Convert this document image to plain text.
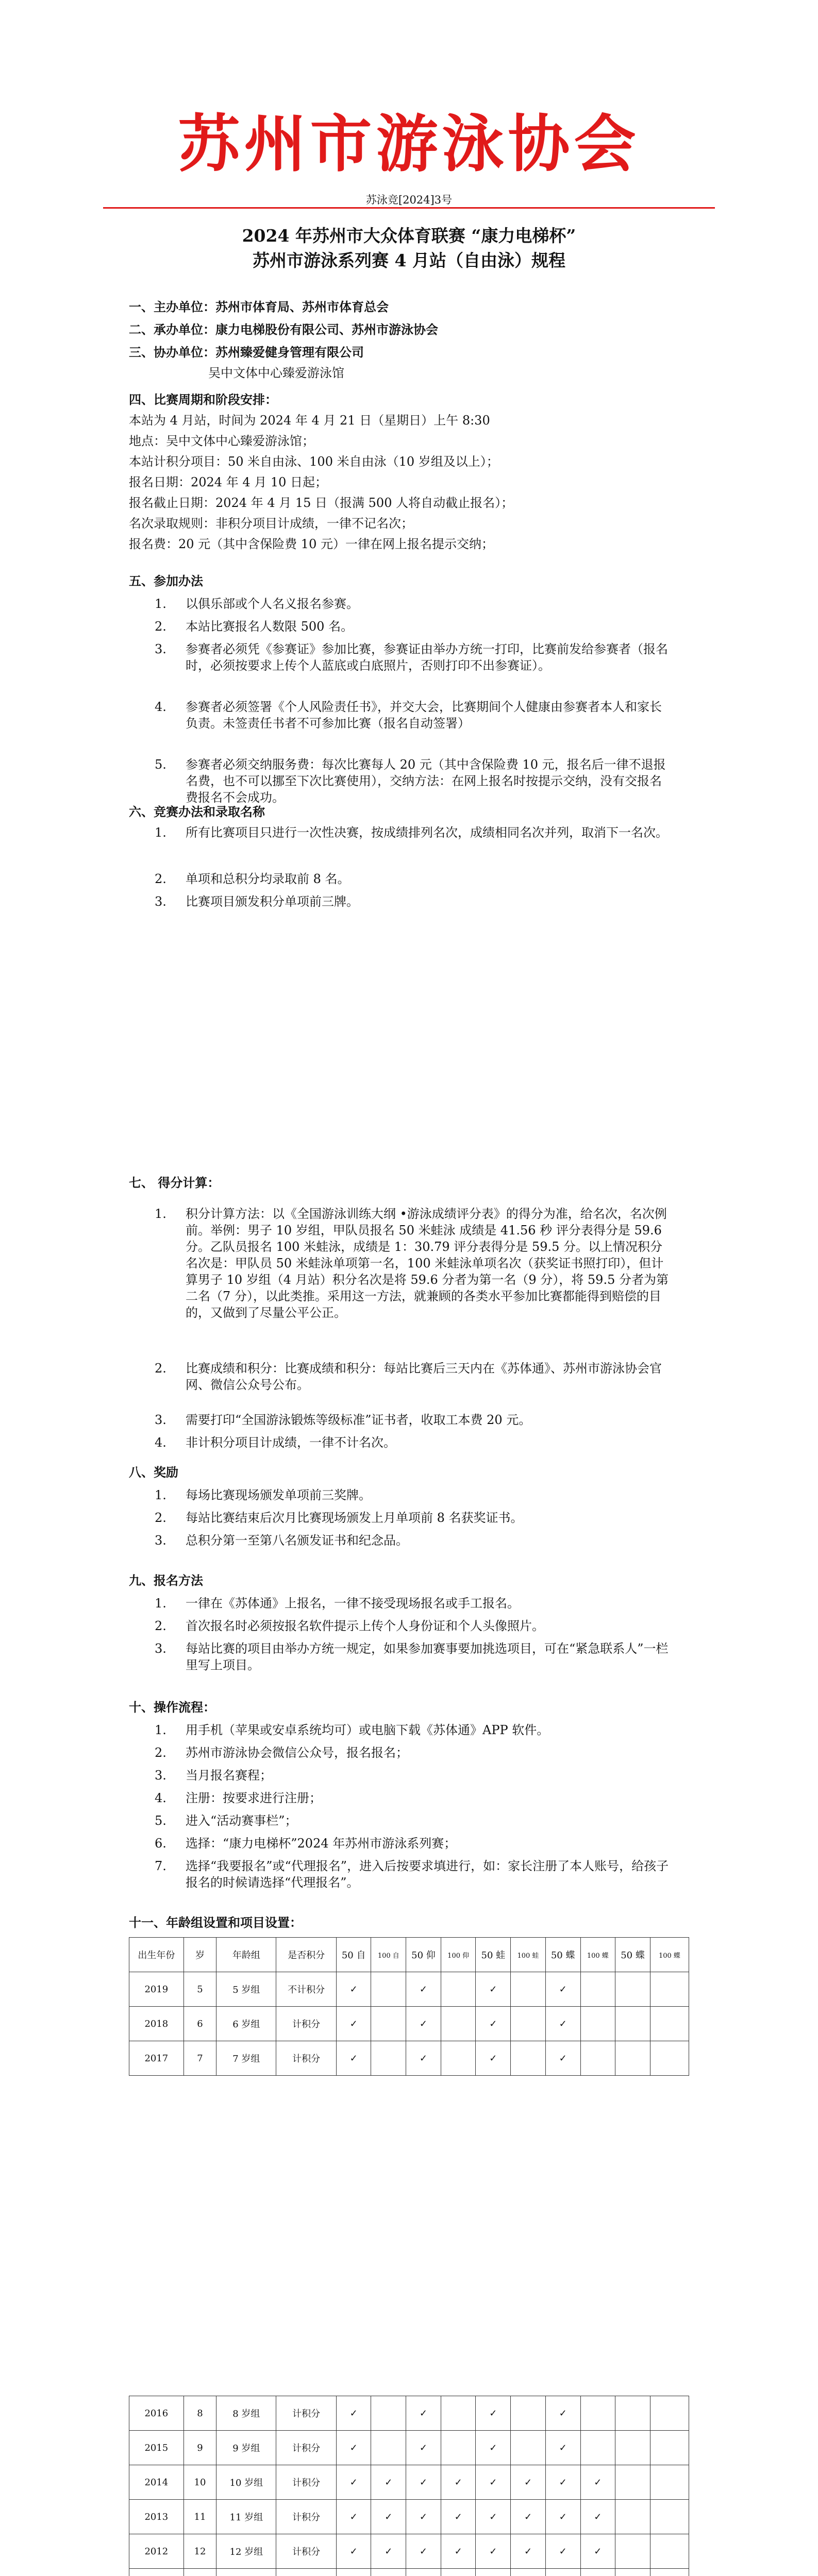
苏州市游泳协会
苏泳竞[2024]3号
2024 年苏州市大众体育联赛 “康力电梯杯”
苏州市游泳系列赛 4 月站（自由泳）规程
一、主办单位：苏州市体育局、苏州市体育总会
二、承办单位：康力电梯股份有限公司、苏州市游泳协会
三、协办单位：苏州臻爱健身管理有限公司
吴中文体中心臻爱游泳馆
四、比赛周期和阶段安排：
本站为 4 月站，时间为 2024 年 4 月 21 日（星期日）上午 8:30
地点：吴中文体中心臻爱游泳馆；
本站计积分项目：50 米自由泳、100 米自由泳（10 岁组及以上）；
报名日期：2024 年 4 月 10 日起；
报名截止日期：2024 年 4 月 15 日（报满 500 人将自动截止报名）；
名次录取规则：非积分项目计成绩，一律不记名次；
报名费：20 元（其中含保险费 10 元）一律在网上报名提示交纳；
五、参加办法
1. 以俱乐部或个人名义报名参赛。
2. 本站比赛报名人数限 500 名。
3. 参赛者必须凭《参赛证》参加比赛，参赛证由举办方统一打印，比赛前发给参赛者（报名时，必须按要求上传个人蓝底或白底照片，否则打印不出参赛证）。
4. 参赛者必须签署《个人风险责任书》，并交大会，比赛期间个人健康由参赛者本人和家长负责。未签责任书者不可参加比赛（报名自动签署）
5. 参赛者必须交纳服务费：每次比赛每人 20 元（其中含保险费 10 元，报名后一律不退报名费，也不可以挪至下次比赛使用），交纳方法：在网上报名时按提示交纳，没有交报名费报名不会成功。
六、竞赛办法和录取名称
1. 所有比赛项目只进行一次性决赛，按成绩排列名次，成绩相同名次并列，取消下一名次。
2. 单项和总积分均录取前 8 名。
3. 比赛项目颁发积分单项前三牌。
七、 得分计算：
1. 积分计算方法：以《全国游泳训练大纲 •游泳成绩评分表》的得分为准，给名次，名次例前。举例：男子 10 岁组，甲队员报名 50 米蛙泳 成绩是 41.56 秒 评分表得分是 59.6 分。乙队员报名 100 米蛙泳，成绩是 1：30.79 评分表得分是 59.5 分。以上情况积分名次是：甲队员 50 米蛙泳单项第一名，100 米蛙泳单项名次（获奖证书照打印），但计算男子 10 岁组（4 月站）积分名次是将 59.6 分者为第一名（9 分），将 59.5 分者为第二名（7 分），以此类推。采用这一方法，就兼顾的各类水平参加比赛都能得到赔偿的目的，又做到了尽量公平公正。
2. 比赛成绩和积分：比赛成绩和积分：每站比赛后三天内在《苏体通》、苏州市游泳协会官网、微信公众号公布。
3. 需要打印“全国游泳锻炼等级标准”证书者，收取工本费 20 元。
4. 非计积分项目计成绩，一律不计名次。
八、奖励
1. 每场比赛现场颁发单项前三奖牌。
2. 每站比赛结束后次月比赛现场颁发上月单项前 8 名获奖证书。
3. 总积分第一至第八名颁发证书和纪念品。
九、报名方法
1. 一律在《苏体通》上报名，一律不接受现场报名或手工报名。
2. 首次报名时必须按报名软件提示上传个人身份证和个人头像照片。
3. 每站比赛的项目由举办方统一规定，如果参加赛事要加挑选项目，可在“紧急联系人”一栏里写上项目。
十、操作流程：
1. 用手机（苹果或安卓系统均可）或电脑下载《苏体通》APP 软件。
2. 苏州市游泳协会微信公众号，报名报名；
3. 当月报名赛程；
4. 注册：按要求进行注册；
5. 进入“活动赛事栏”；
6. 选择：“康力电梯杯”2024 年苏州市游泳系列赛；
7. 选择“我要报名”或“代理报名”，进入后按要求填进行，如：家长注册了本人账号，给孩子报名的时候请选择“代理报名”。
十一、年龄组设置和项目设置：
出生年份	岁	年龄组	是否积分	50 自	100 自	50 仰	100 仰	50 蛙	100 蛙	50 蝶	100 蝶	50 蝶	100 蝶
2019	5	5 岁组	不计积分	✓		✓		✓		✓			
2018	6	6 岁组	计积分	✓		✓		✓		✓			
2017	7	7 岁组	计积分	✓		✓		✓		✓			
2016	8	8 岁组	计积分	✓		✓		✓		✓			
2015	9	9 岁组	计积分	✓		✓		✓		✓			
2014	10	10 岁组	计积分	✓	✓	✓	✓	✓	✓	✓	✓		
2013	11	11 岁组	计积分	✓	✓	✓	✓	✓	✓	✓	✓		
2012	12	12 岁组	计积分	✓	✓	✓	✓	✓	✓	✓	✓		
